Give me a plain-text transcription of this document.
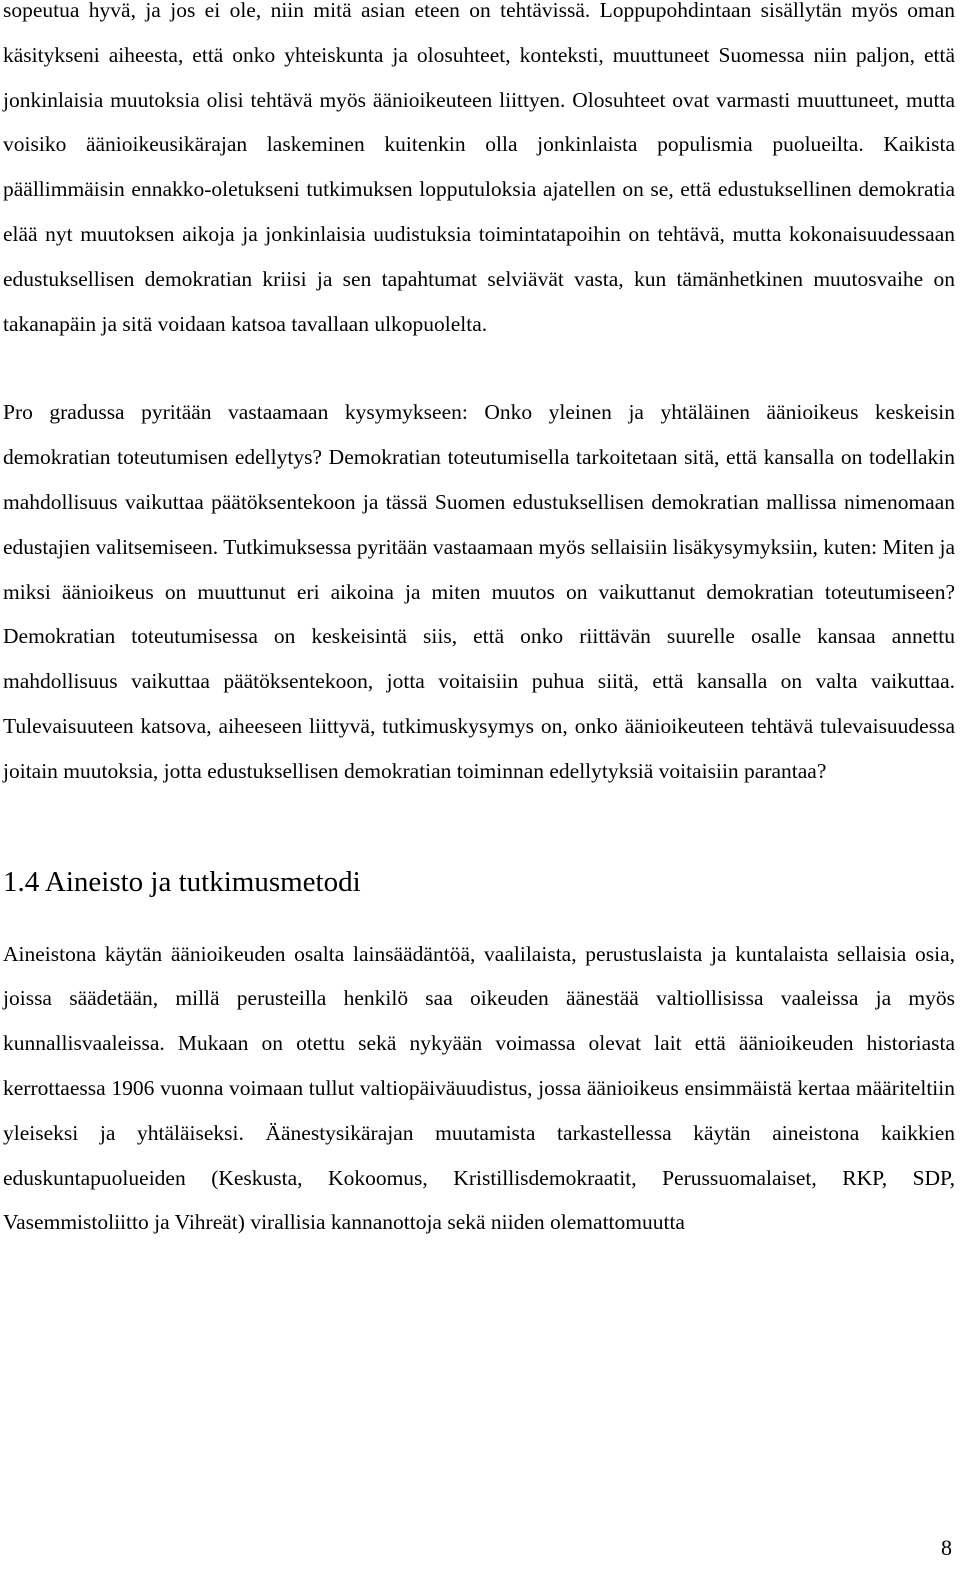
sopeutua hyvä, ja jos ei ole, niin mitä asian eteen on tehtävissä. Loppupohdintaan sisällytän myös oman käsitykseni aiheesta, että onko yhteiskunta ja olosuhteet, konteksti, muuttuneet Suomessa niin paljon, että jonkinlaisia muutoksia olisi tehtävä myös äänioikeuteen liittyen. Olosuhteet ovat varmasti muuttuneet, mutta voisiko äänioikeusikärajan laskeminen kuitenkin olla jonkinlaista populismia puolueilta. Kaikista päällimmäisin ennakko-oletukseni tutkimuksen lopputuloksia ajatellen on se, että edustuksellinen demokratia elää nyt muutoksen aikoja ja jonkinlaisia uudistuksia toimintatapoihin on tehtävä, mutta kokonaisuudessaan edustuksellisen demokratian kriisi ja sen tapahtumat selviävät vasta, kun tämänhetkinen muutosvaihe on takanapäin ja sitä voidaan katsoa tavallaan ulkopuolelta.

Pro gradussa pyritään vastaamaan kysymykseen: Onko yleinen ja yhtäläinen äänioikeus keskeisin demokratian toteutumisen edellytys? Demokratian toteutumisella tarkoitetaan sitä, että kansalla on todellakin mahdollisuus vaikuttaa päätöksentekoon ja tässä Suomen edustuksellisen demokratian mallissa nimenomaan edustajien valitsemiseen. Tutkimuksessa pyritään vastaamaan myös sellaisiin lisäkysymyksiin, kuten: Miten ja miksi äänioikeus on muuttunut eri aikoina ja miten muutos on vaikuttanut demokratian toteutumiseen? Demokratian toteutumisessa on keskeisintä siis, että onko riittävän suurelle osalle kansaa annettu mahdollisuus vaikuttaa päätöksentekoon, jotta voitaisiin puhua siitä, että kansalla on valta vaikuttaa. Tulevaisuuteen katsova, aiheeseen liittyvä, tutkimuskysymys on, onko äänioikeuteen tehtävä tulevaisuudessa joitain muutoksia, jotta edustuksellisen demokratian toiminnan edellytyksiä voitaisiin parantaa?

1.4 Aineisto ja tutkimusmetodi

Aineistona käytän äänioikeuden osalta lainsäädäntöä, vaalilaista, perustuslaista ja kuntalaista sellaisia osia, joissa säädetään, millä perusteilla henkilö saa oikeuden äänestää valtiollisissa vaaleissa ja myös kunnallisvaaleissa. Mukaan on otettu sekä nykyään voimassa olevat lait että äänioikeuden historiasta kerrottaessa 1906 vuonna voimaan tullut valtiopäiväuudistus, jossa äänioikeus ensimmäistä kertaa määriteltiin yleiseksi ja yhtäläiseksi. Äänestysikärajan muutamista tarkastellessa käytän aineistona kaikkien eduskuntapuolueiden (Keskusta, Kokoomus, Kristillisdemokraatit, Perussuomalaiset, RKP, SDP, Vasemmistoliitto ja Vihreät) virallisia kannanottoja sekä niiden olemattomuutta

8
